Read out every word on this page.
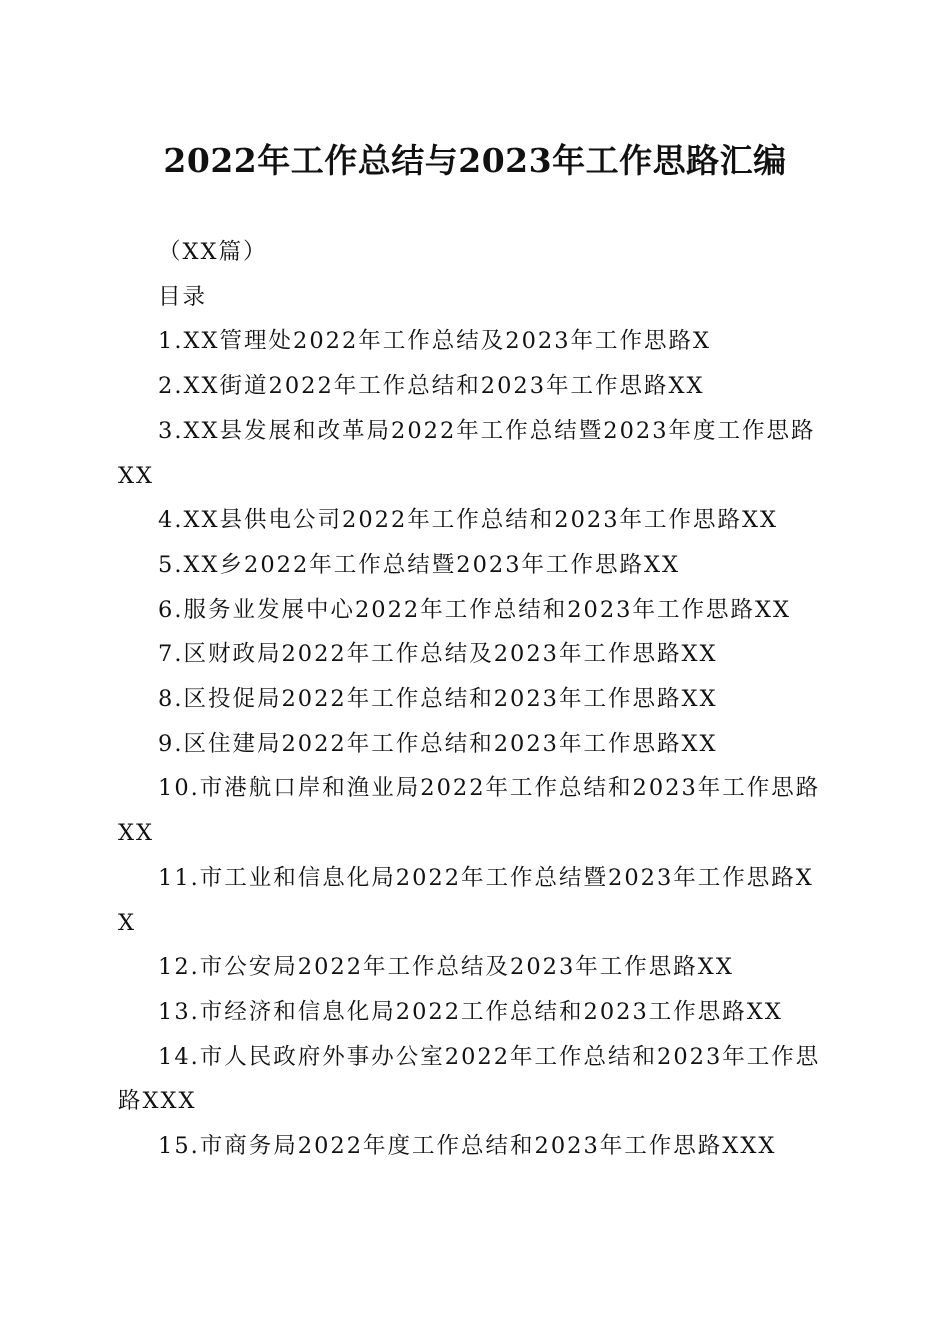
2022年工作总结与2023年工作思路汇编

（XX篇）

目录

1.XX管理处2022年工作总结及2023年工作思路X

2.XX街道2022年工作总结和2023年工作思路XX

3.XX县发展和改革局2022年工作总结暨2023年度工作思路XX

4.XX县供电公司2022年工作总结和2023年工作思路XX

5.XX乡2022年工作总结暨2023年工作思路XX

6.服务业发展中心2022年工作总结和2023年工作思路XX

7.区财政局2022年工作总结及2023年工作思路XX

8.区投促局2022年工作总结和2023年工作思路XX

9.区住建局2022年工作总结和2023年工作思路XX

10.市港航口岸和渔业局2022年工作总结和2023年工作思路XX

11.市工业和信息化局2022年工作总结暨2023年工作思路XX

12.市公安局2022年工作总结及2023年工作思路XX

13.市经济和信息化局2022工作总结和2023工作思路XX

14.市人民政府外事办公室2022年工作总结和2023年工作思路XXX

15.市商务局2022年度工作总结和2023年工作思路XXX
